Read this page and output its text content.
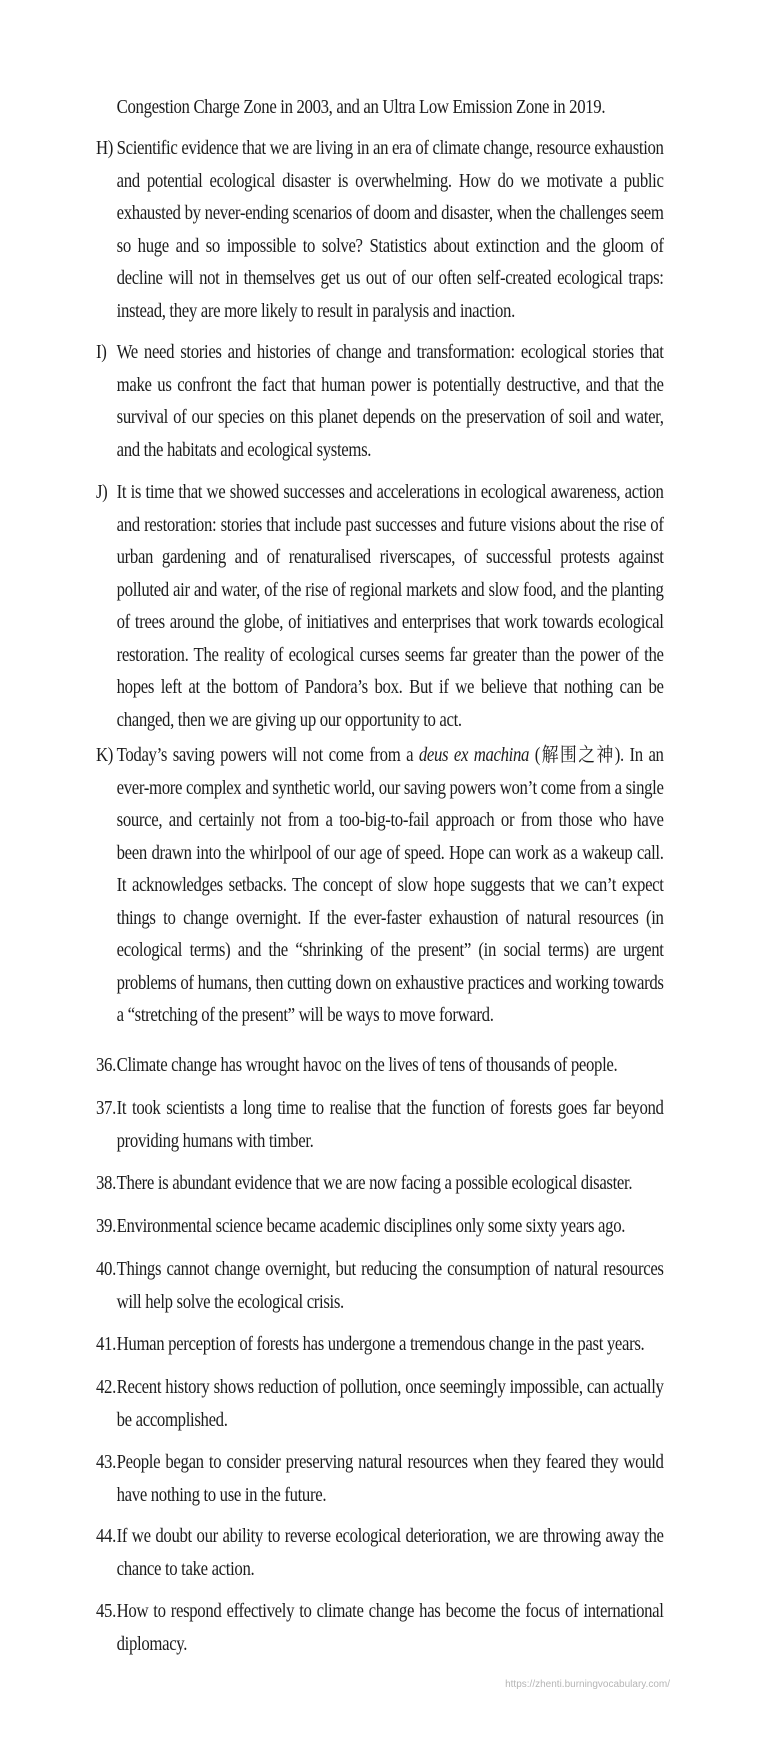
Congestion Charge Zone in 2003, and an Ultra Low Emission Zone in 2019.
H) Scientific evidence that we are living in an era of climate change, resource exhaustion and potential ecological disaster is overwhelming. How do we motivate a public exhausted by never-ending scenarios of doom and disaster, when the challenges seem so huge and so impossible to solve? Statistics about extinction and the gloom of decline will not in themselves get us out of our often self-created ecological traps: instead, they are more likely to result in paralysis and inaction.
I) We need stories and histories of change and transformation: ecological stories that make us confront the fact that human power is potentially destructive, and that the survival of our species on this planet depends on the preservation of soil and water, and the habitats and ecological systems.
J) It is time that we showed successes and accelerations in ecological awareness, action and restoration: stories that include past successes and future visions about the rise of urban gardening and of renaturalised riverscapes, of successful protests against polluted air and water, of the rise of regional markets and slow food, and the planting of trees around the globe, of initiatives and enterprises that work towards ecological restoration. The reality of ecological curses seems far greater than the power of the hopes left at the bottom of Pandora’s box. But if we believe that nothing can be changed, then we are giving up our opportunity to act.
K) Today’s saving powers will not come from a deus ex machina (解围之神). In an ever-more complex and synthetic world, our saving powers won’t come from a single source, and certainly not from a too-big-to-fail approach or from those who have been drawn into the whirlpool of our age of speed. Hope can work as a wakeup call. It acknowledges setbacks. The concept of slow hope suggests that we can’t expect things to change overnight. If the ever-faster exhaustion of natural resources (in ecological terms) and the “shrinking of the present” (in social terms) are urgent problems of humans, then cutting down on exhaustive practices and working towards a “stretching of the present” will be ways to move forward.
36. Climate change has wrought havoc on the lives of tens of thousands of people.
37. It took scientists a long time to realise that the function of forests goes far beyond providing humans with timber.
38. There is abundant evidence that we are now facing a possible ecological disaster.
39. Environmental science became academic disciplines only some sixty years ago.
40. Things cannot change overnight, but reducing the consumption of natural resources will help solve the ecological crisis.
41. Human perception of forests has undergone a tremendous change in the past years.
42. Recent history shows reduction of pollution, once seemingly impossible, can actually be accomplished.
43. People began to consider preserving natural resources when they feared they would have nothing to use in the future.
44. If we doubt our ability to reverse ecological deterioration, we are throwing away the chance to take action.
45. How to respond effectively to climate change has become the focus of international diplomacy.
https://zhenti.burningvocabulary.com/
